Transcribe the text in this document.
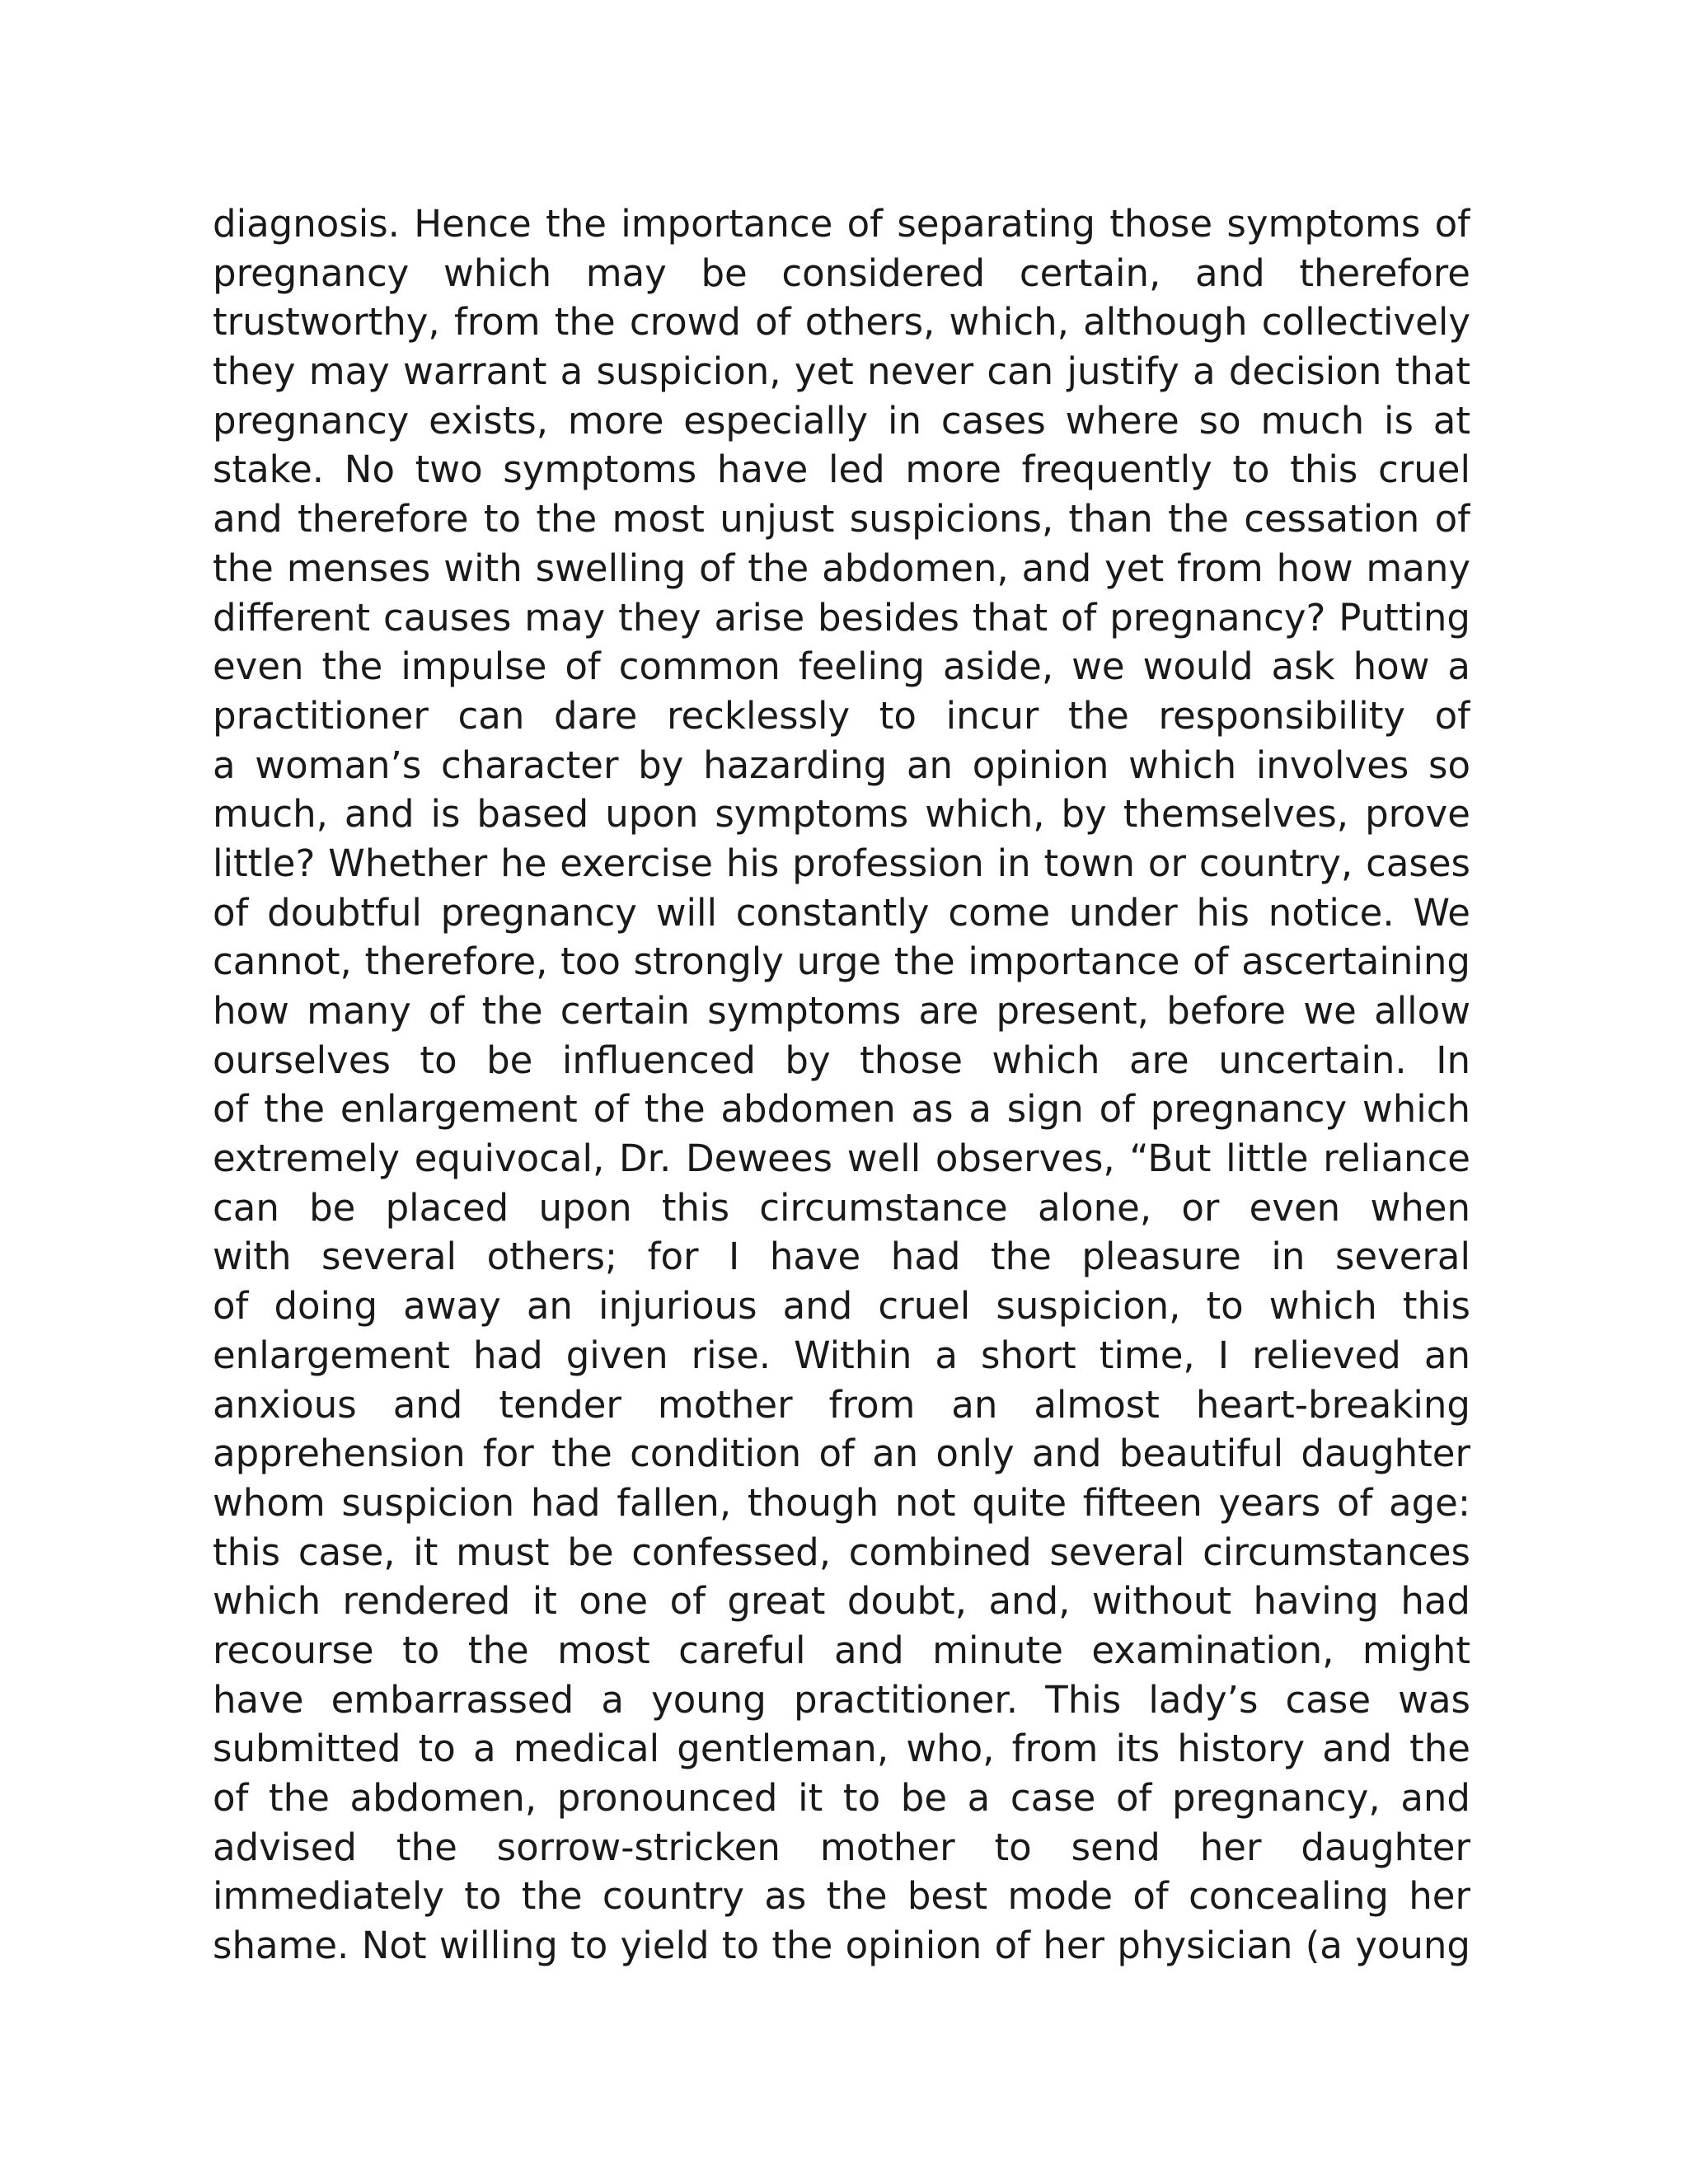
diagnosis. Hence the importance of separating those symptoms of
pregnancy which may be considered certain, and therefore
trustworthy, from the crowd of others, which, although collectively
they may warrant a suspicion, yet never can justify a decision that
pregnancy exists, more especially in cases where so much is at
stake. No two symptoms have led more frequently to this cruel
and therefore to the most unjust suspicions, than the cessation of
the menses with swelling of the abdomen, and yet from how many
different causes may they arise besides that of pregnancy? Putting
even the impulse of common feeling aside, we would ask how a
practitioner can dare recklessly to incur the responsibility of
a woman’s character by hazarding an opinion which involves so
much, and is based upon symptoms which, by themselves, prove
little? Whether he exercise his profession in town or country, cases
of doubtful pregnancy will constantly come under his notice. We
cannot, therefore, too strongly urge the importance of ascertaining
how many of the certain symptoms are present, before we allow
ourselves to be influenced by those which are uncertain. In
of the enlargement of the abdomen as a sign of pregnancy which
extremely equivocal, Dr. Dewees well observes, “But little reliance
can be placed upon this circumstance alone, or even when
with several others; for I have had the pleasure in several
of doing away an injurious and cruel suspicion, to which this
enlargement had given rise. Within a short time, I relieved an
anxious and tender mother from an almost heart-breaking
apprehension for the condition of an only and beautiful daughter
whom suspicion had fallen, though not quite fifteen years of age:
this case, it must be confessed, combined several circumstances
which rendered it one of great doubt, and, without having had
recourse to the most careful and minute examination, might
have embarrassed a young practitioner. This lady’s case was
submitted to a medical gentleman, who, from its history and the
of the abdomen, pronounced it to be a case of pregnancy, and
advised the sorrow-stricken mother to send her daughter
immediately to the country as the best mode of concealing her
shame. Not willing to yield to the opinion of her physician (a young
